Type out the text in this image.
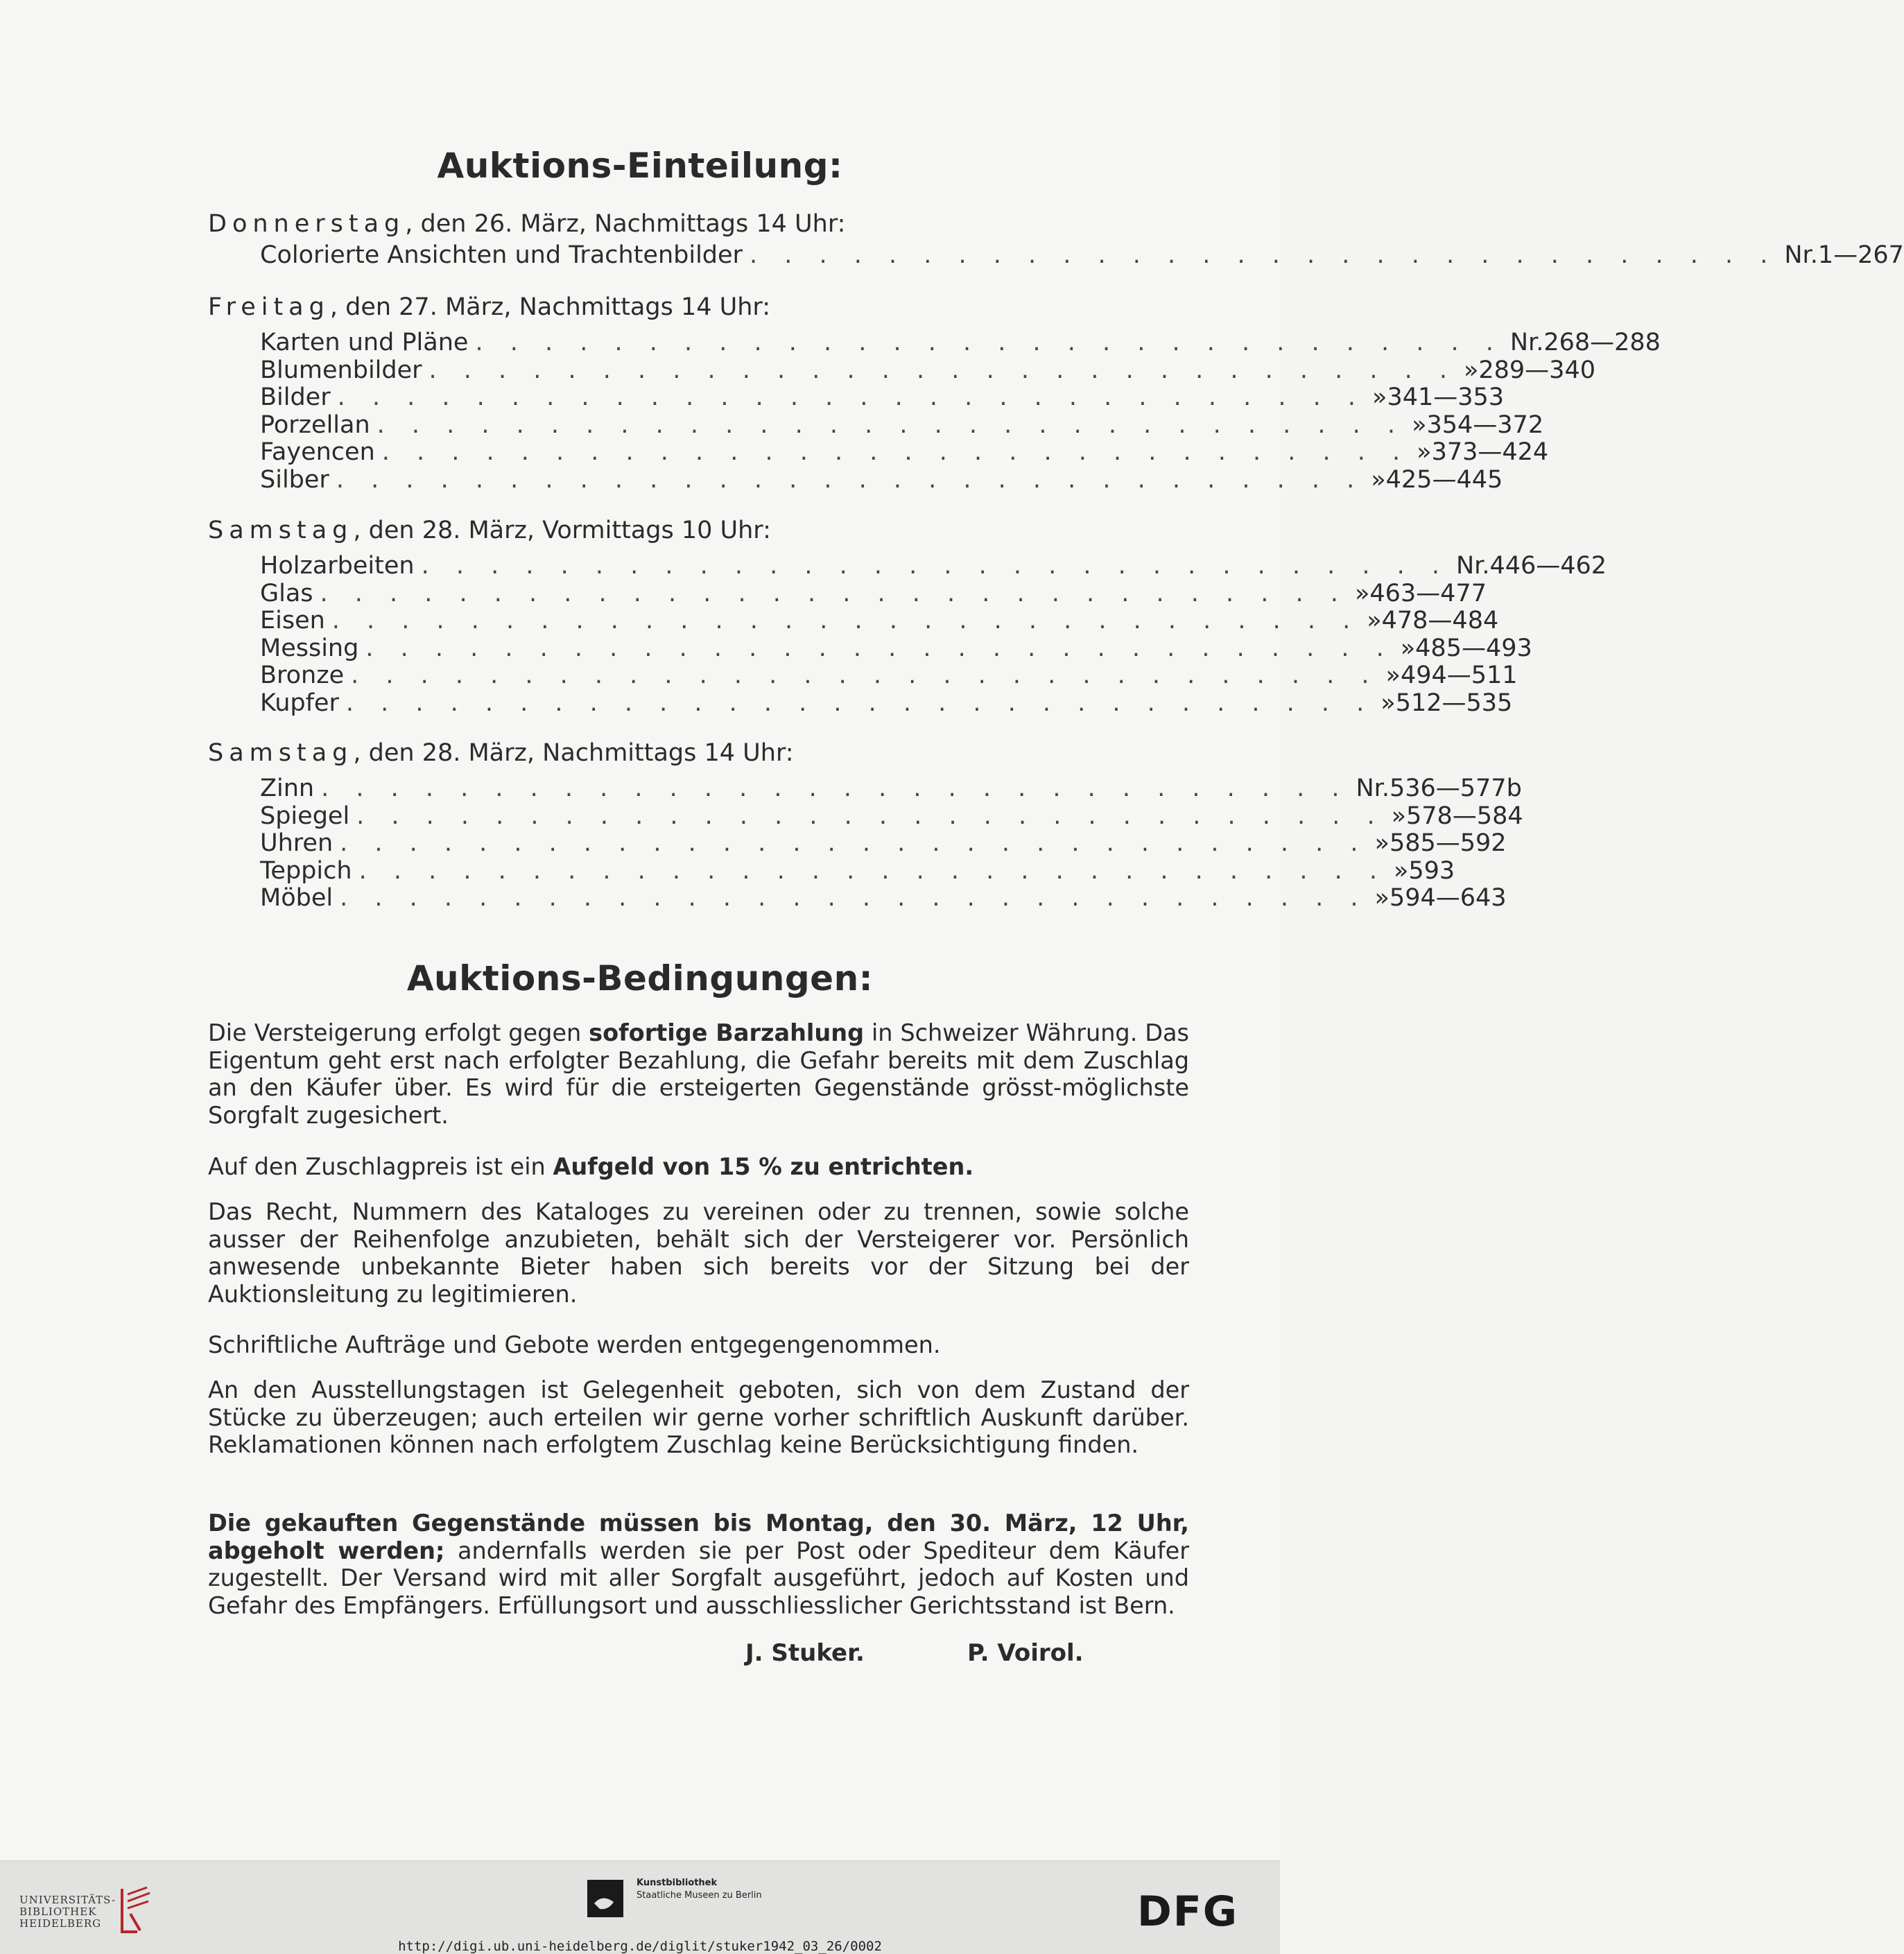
Auktions-Einteilung:
Donnerstag, den 26. März, Nachmittags 14 Uhr:
Colorierte Ansichten und Trachtenbilder . . . . . . . . . . . . . . . . . . . . . . . . . . . . . . Nr. 1—267
Freitag, den 27. März, Nachmittags 14 Uhr:
Karten und Pläne . . . . . . . . . . . . . . . . . . . . . . . . . . . . . . Nr. 268—288
Blumenbilder . . . . . . . . . . . . . . . . . . . . . . . . . . . . . . » 289—340
Bilder . . . . . . . . . . . . . . . . . . . . . . . . . . . . . . » 341—353
Porzellan . . . . . . . . . . . . . . . . . . . . . . . . . . . . . . » 354—372
Fayencen . . . . . . . . . . . . . . . . . . . . . . . . . . . . . . » 373—424
Silber . . . . . . . . . . . . . . . . . . . . . . . . . . . . . . » 425—445
Samstag, den 28. März, Vormittags 10 Uhr:
Holzarbeiten . . . . . . . . . . . . . . . . . . . . . . . . . . . . . . Nr. 446—462
Glas . . . . . . . . . . . . . . . . . . . . . . . . . . . . . . » 463—477
Eisen . . . . . . . . . . . . . . . . . . . . . . . . . . . . . . » 478—484
Messing . . . . . . . . . . . . . . . . . . . . . . . . . . . . . . » 485—493
Bronze . . . . . . . . . . . . . . . . . . . . . . . . . . . . . . » 494—511
Kupfer . . . . . . . . . . . . . . . . . . . . . . . . . . . . . . » 512—535
Samstag, den 28. März, Nachmittags 14 Uhr:
Zinn . . . . . . . . . . . . . . . . . . . . . . . . . . . . . . Nr. 536—577b
Spiegel . . . . . . . . . . . . . . . . . . . . . . . . . . . . . . » 578—584
Uhren . . . . . . . . . . . . . . . . . . . . . . . . . . . . . . » 585—592
Teppich . . . . . . . . . . . . . . . . . . . . . . . . . . . . . . » 593
Möbel . . . . . . . . . . . . . . . . . . . . . . . . . . . . . . » 594—643
Auktions-Bedingungen:

Die Versteigerung erfolgt gegen sofortige Barzahlung in Schweizer Währung. Das Eigentum geht erst nach erfolgter Bezahlung, die Gefahr bereits mit dem Zuschlag an den Käufer über. Es wird für die ersteigerten Gegenstände grösst-möglichste Sorgfalt zugesichert.

Auf den Zuschlagpreis ist ein Aufgeld von 15 % zu entrichten.

Das Recht, Nummern des Kataloges zu vereinen oder zu trennen, sowie solche ausser der Reihenfolge anzubieten, behält sich der Versteigerer vor. Persönlich anwesende unbekannte Bieter haben sich bereits vor der Sitzung bei der Auktionsleitung zu legitimieren.

Schriftliche Aufträge und Gebote werden entgegengenommen.

An den Ausstellungstagen ist Gelegenheit geboten, sich von dem Zustand der Stücke zu überzeugen; auch erteilen wir gerne vorher schriftlich Auskunft darüber. Reklamationen können nach erfolgtem Zuschlag keine Berücksichtigung finden.

Die gekauften Gegenstände müssen bis Montag, den 30. März, 12 Uhr, abgeholt werden; andernfalls werden sie per Post oder Spediteur dem Käufer zugestellt. Der Versand wird mit aller Sorgfalt ausgeführt, jedoch auf Kosten und Gefahr des Empfängers. Erfüllungsort und ausschliesslicher Gerichtsstand ist Bern.

J. Stuker.	P. Voirol.
UNIVERSITÄTS-
BIBLIOTHEK
HEIDELBERG
Kunstbibliothek
Staatliche Museen zu Berlin	DFG
http://digi.ub.uni-heidelberg.de/diglit/stuker1942_03_26/0002
